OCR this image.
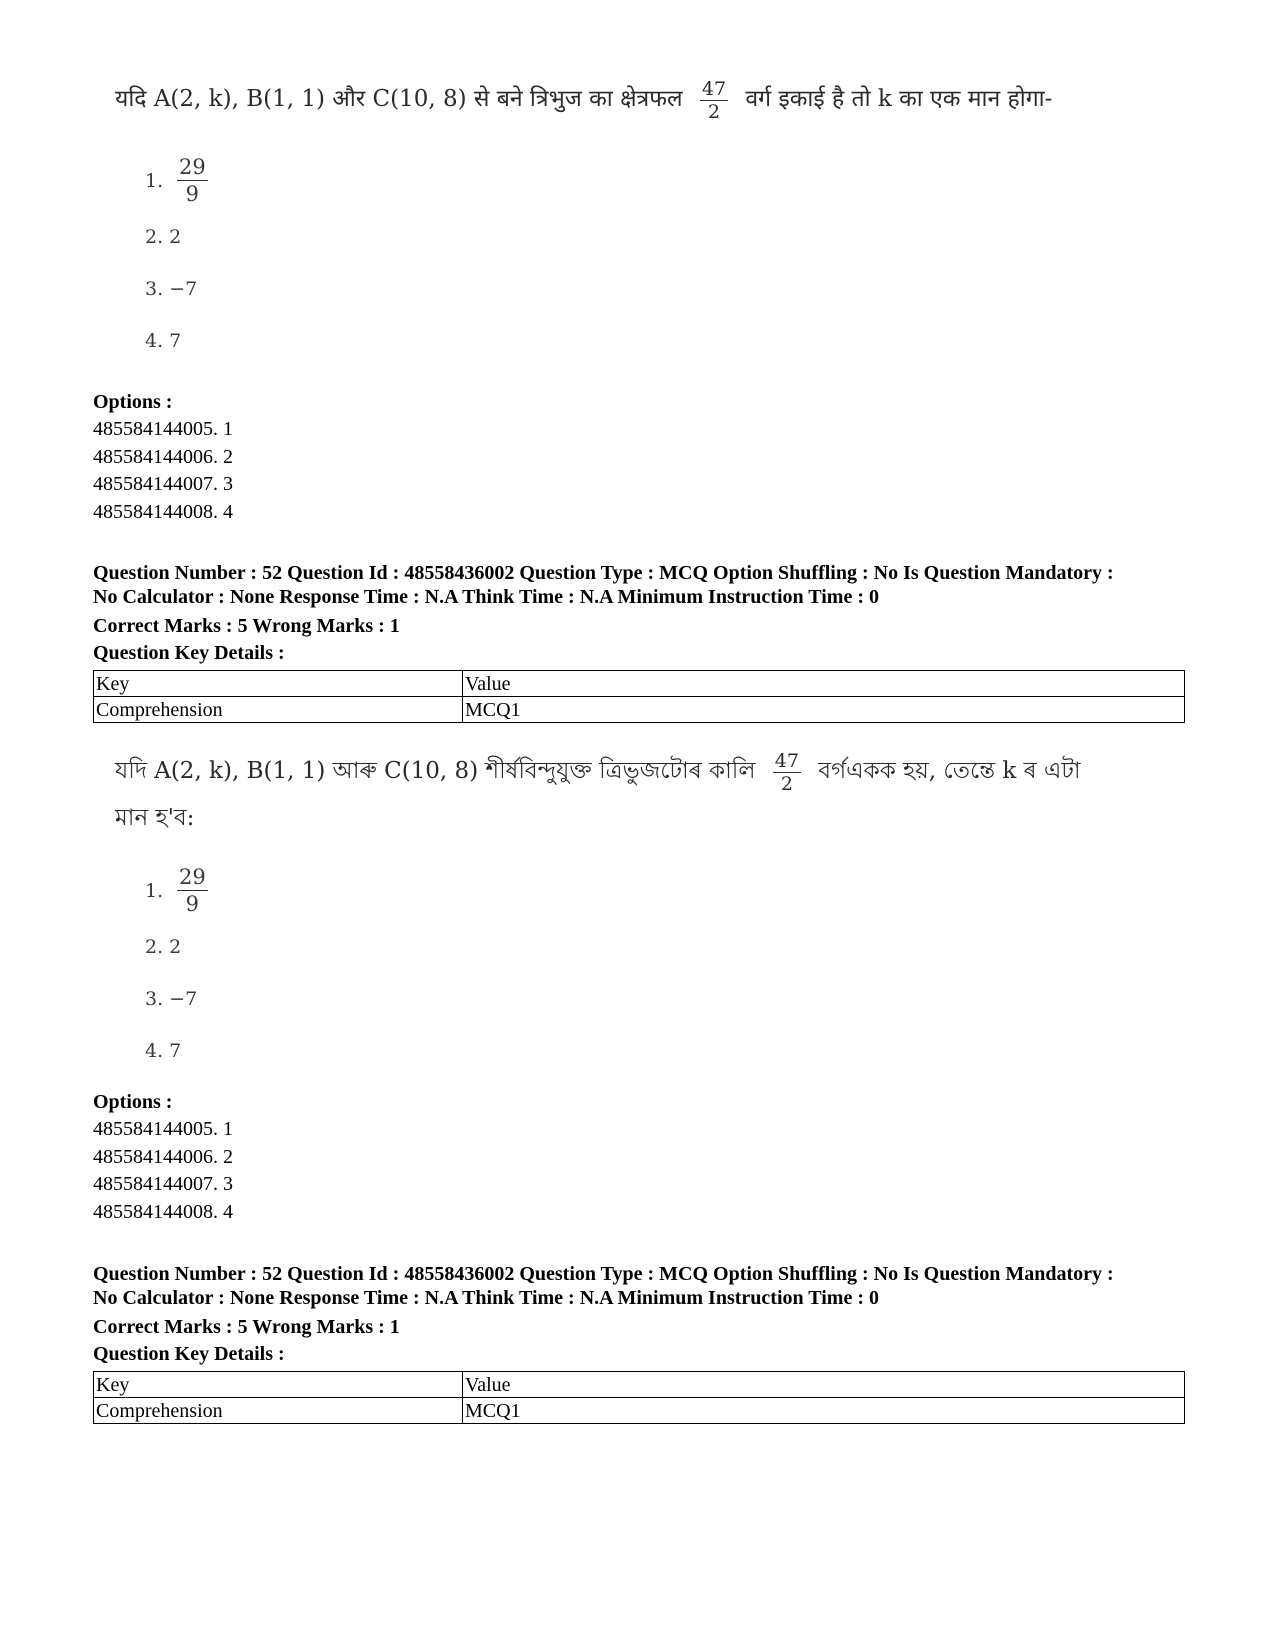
यदि A(2, k), B(1, 1) और C(10, 8) से बने त्रिभुज का क्षेत्रफल $\frac{47}{2}$ वर्ग इकाई है तो k का एक मान होगा-
1. $\frac{29}{9}$
2. 2
3. −7
4. 7
Options :
485584144005. 1
485584144006. 2
485584144007. 3
485584144008. 4
Question Number : 52 Question Id : 48558436002 Question Type : MCQ Option Shuffling : No Is Question Mandatory :
No Calculator : None Response Time : N.A Think Time : N.A Minimum Instruction Time : 0
Correct Marks : 5 Wrong Marks : 1
Question Key Details :
Key	Value
Comprehension	MCQ1
যদি A(2, k), B(1, 1) আৰু C(10, 8) শীৰ্ষবিন্দুযুক্ত ত্ৰিভুজটোৰ কালি $\frac{47}{2}$ বৰ্গএকক হয়, তেন্তে k ৰ এটা মান হ'ব:
1. $\frac{29}{9}$
2. 2
3. −7
4. 7
Options :
485584144005. 1
485584144006. 2
485584144007. 3
485584144008. 4
Question Number : 52 Question Id : 48558436002 Question Type : MCQ Option Shuffling : No Is Question Mandatory :
No Calculator : None Response Time : N.A Think Time : N.A Minimum Instruction Time : 0
Correct Marks : 5 Wrong Marks : 1
Question Key Details :
Key	Value
Comprehension	MCQ1
